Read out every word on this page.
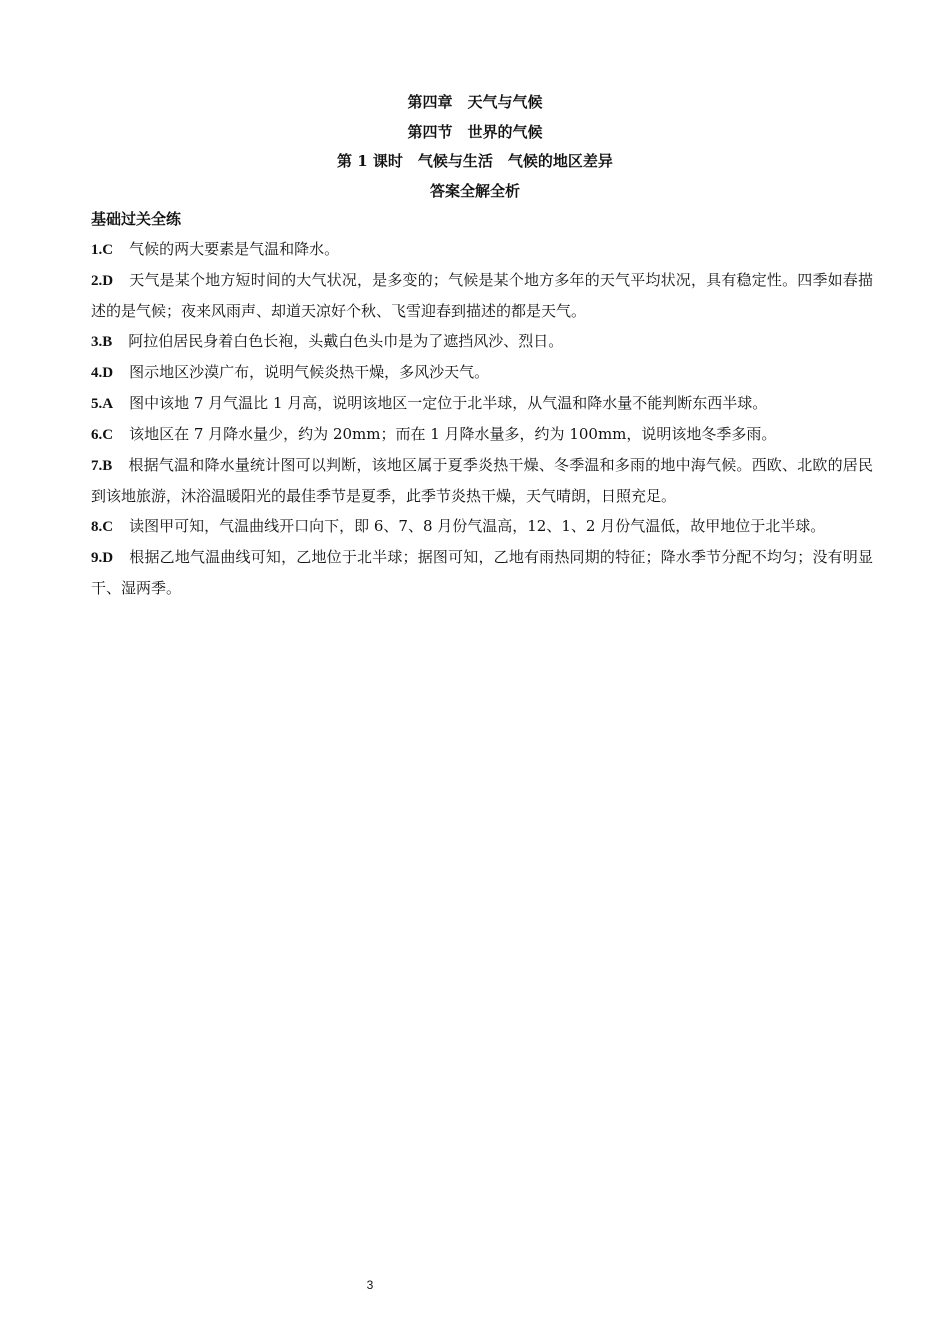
第四章　天气与气候
第四节　世界的气候
第 1 课时　气候与生活　气候的地区差异
答案全解全析
基础过关全练

1.C 气候的两大要素是气温和降水。

2.D 天气是某个地方短时间的大气状况，是多变的；气候是某个地方多年的天气平均状况，具有稳定性。四季如春描述的是气候；夜来风雨声、却道天凉好个秋、飞雪迎春到描述的都是天气。

3.B 阿拉伯居民身着白色长袍，头戴白色头巾是为了遮挡风沙、烈日。

4.D 图示地区沙漠广布，说明气候炎热干燥，多风沙天气。

5.A 图中该地 7 月气温比 1 月高，说明该地区一定位于北半球，从气温和降水量不能判断东西半球。

6.C 该地区在 7 月降水量少，约为 20mm；而在 1 月降水量多，约为 100mm，说明该地冬季多雨。

7.B 根据气温和降水量统计图可以判断，该地区属于夏季炎热干燥、冬季温和多雨的地中海气候。西欧、北欧的居民到该地旅游，沐浴温暖阳光的最佳季节是夏季，此季节炎热干燥，天气晴朗，日照充足。

8.C 读图甲可知，气温曲线开口向下，即 6、7、8 月份气温高，12、1、2 月份气温低，故甲地位于北半球。

9.D 根据乙地气温曲线可知，乙地位于北半球；据图可知，乙地有雨热同期的特征；降水季节分配不均匀；没有明显干、湿两季。

3
